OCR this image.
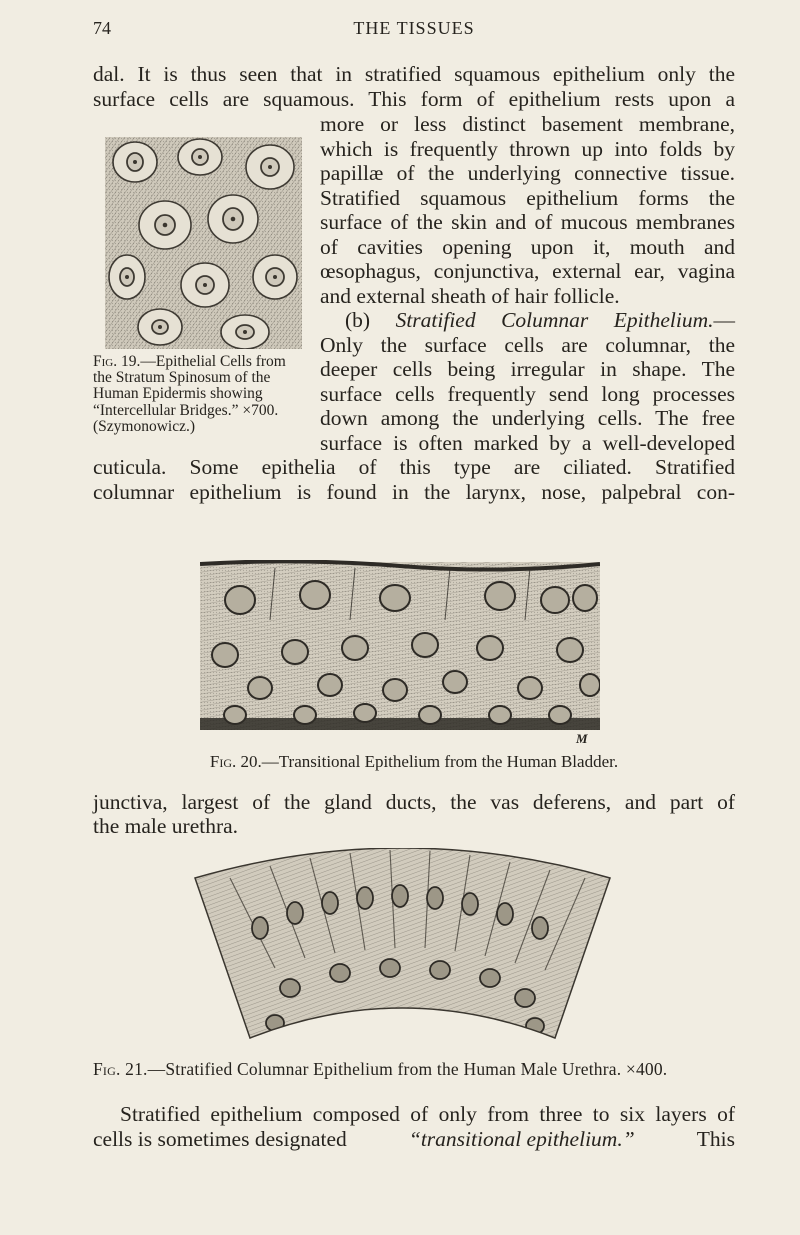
74	THE TISSUES
dal. It is thus seen that in stratified squamous epithelium only the
surface cells are squamous. This form of epithelium rests upon a
more or less distinct basement membrane,
which is frequently thrown up into folds by
papillæ of the underlying connective tissue.
Stratified squamous epithelium forms the
surface of the skin and of mucous membranes
of cavities opening upon it, mouth and
œsophagus, conjunctiva, external ear, vagina
and external sheath of hair follicle.
(b) Stratified Columnar Epithelium.—
Only the surface cells are columnar, the
deeper cells being irregular in shape. The
surface cells frequently send long processes
down among the underlying cells. The free
surface is often marked by a well-developed
cuticula. Some epithelia of this type are ciliated. Stratified
columnar epithelium is found in the larynx, nose, palpebral con-
Fig. 19.—Epithelial Cells from the Stratum Spinosum of the Human Epidermis showing “Intercellular Bridges.” ×700. (Szymonowicz.)
M
Fig. 20.—Transitional Epithelium from the Human Bladder.
junctiva, largest of the gland ducts, the vas deferens, and part of
the male urethra.
Fig. 21.—Stratified Columnar Epithelium from the Human Male Urethra. ×400.
Stratified epithelium composed of only from three to six layers of
cells is sometimes designated	“transitional epithelium.”	This
